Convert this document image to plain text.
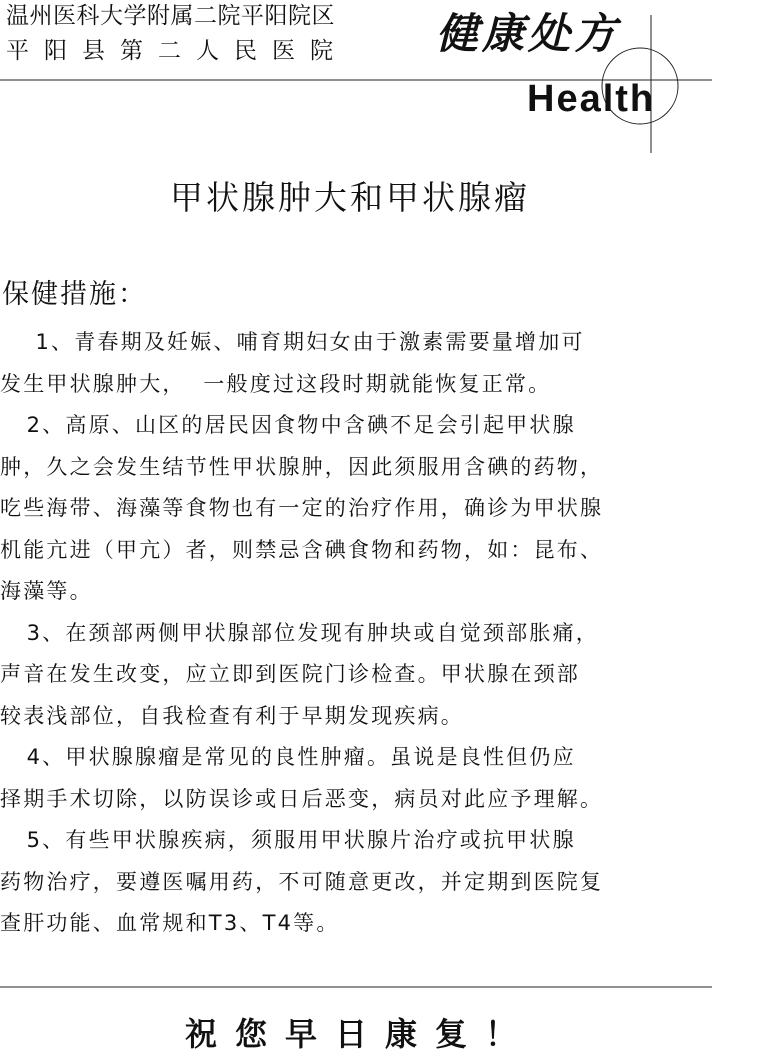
温州医科大学附属二院平阳院区
平阳县第二人民医院 健康处方
Health
甲状腺肿大和甲状腺瘤
保健措施：
1、青春期及妊娠、哺育期妇女由于激素需要量增加可
发生甲状腺肿大，  一般度过这段时期就能恢复正常。
2、高原、山区的居民因食物中含碘不足会引起甲状腺
肿，久之会发生结节性甲状腺肿，因此须服用含碘的药物，
吃些海带、海藻等食物也有一定的治疗作用，确诊为甲状腺
机能亢进（甲亢）者，则禁忌含碘食物和药物，如：昆布、
海藻等。
3、在颈部两侧甲状腺部位发现有肿块或自觉颈部胀痛，
声音在发生改变，应立即到医院门诊检查。甲状腺在颈部
较表浅部位，自我检查有利于早期发现疾病。
4、甲状腺腺瘤是常见的良性肿瘤。虽说是良性但仍应
择期手术切除，以防误诊或日后恶变，病员对此应予理解。
5、有些甲状腺疾病，须服用甲状腺片治疗或抗甲状腺
药物治疗，要遵医嘱用药，不可随意更改，并定期到医院复
查肝功能、血常规和T3、T4等。
祝您早日康复！
